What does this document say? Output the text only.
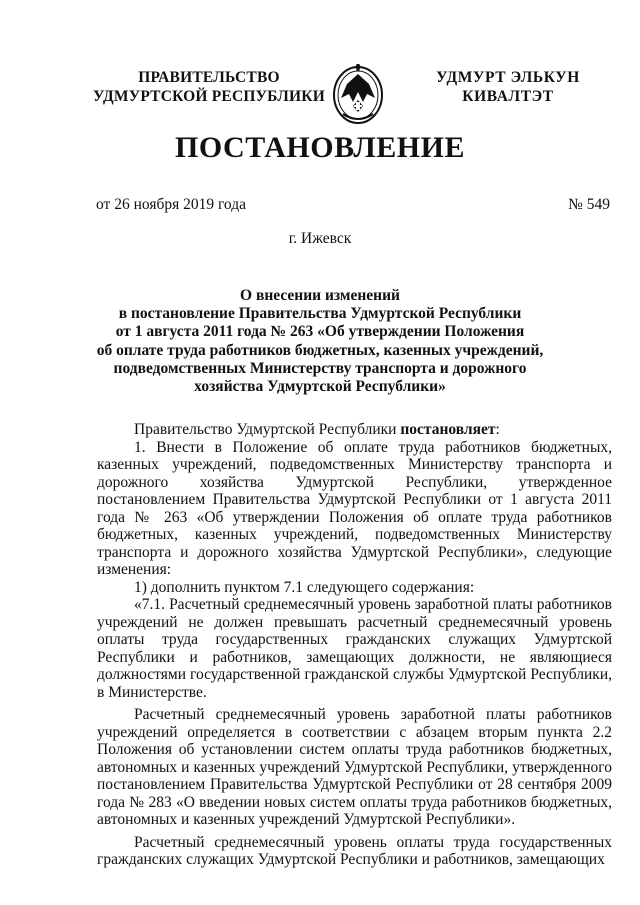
ПРАВИТЕЛЬСТВО
УДМУРТСКОЙ РЕСПУБЛИКИ
УДМУРТ ЭЛЬКУН
КИВАЛТЭТ
ПОСТАНОВЛЕНИЕ
от 26 ноября 2019 года	№ 549
г. Ижевск
О внесении изменений
в постановление Правительства Удмуртской Республики
от 1 августа 2011 года № 263 «Об утверждении Положения
об оплате труда работников бюджетных, казенных учреждений,
подведомственных Министерству транспорта и дорожного
хозяйства Удмуртской Республики»

Правительство Удмуртской Республики постановляет:

1. Внести в Положение об оплате труда работников бюджетных, казенных учреждений, подведомственных Министерству транспорта и дорожного хозяйства Удмуртской Республики, утвержденное постановлением Правительства Удмуртской Республики от 1 августа 2011 года № 263 «Об утверждении Положения об оплате труда работников бюджетных, казенных учреждений, подведомственных Министерству транспорта и дорожного хозяйства Удмуртской Республики», следующие изменения:

1) дополнить пунктом 7.1 следующего содержания:

«7.1. Расчетный среднемесячный уровень заработной платы работников учреждений не должен превышать расчетный среднемесячный уровень оплаты труда государственных гражданских служащих Удмуртской Республики и работников, замещающих должности, не являющиеся должностями государственной гражданской службы Удмуртской Республики, в Министерстве.

Расчетный среднемесячный уровень заработной платы работников учреждений определяется в соответствии с абзацем вторым пункта 2.2 Положения об установлении систем оплаты труда работников бюджетных, автономных и казенных учреждений Удмуртской Республики, утвержденного постановлением Правительства Удмуртской Республики от 28 сентября 2009 года № 283 «О введении новых систем оплаты труда работников бюджетных, автономных и казенных учреждений Удмуртской Республики».

Расчетный среднемесячный уровень оплаты труда государственных гражданских служащих Удмуртской Республики и работников, замещающих
